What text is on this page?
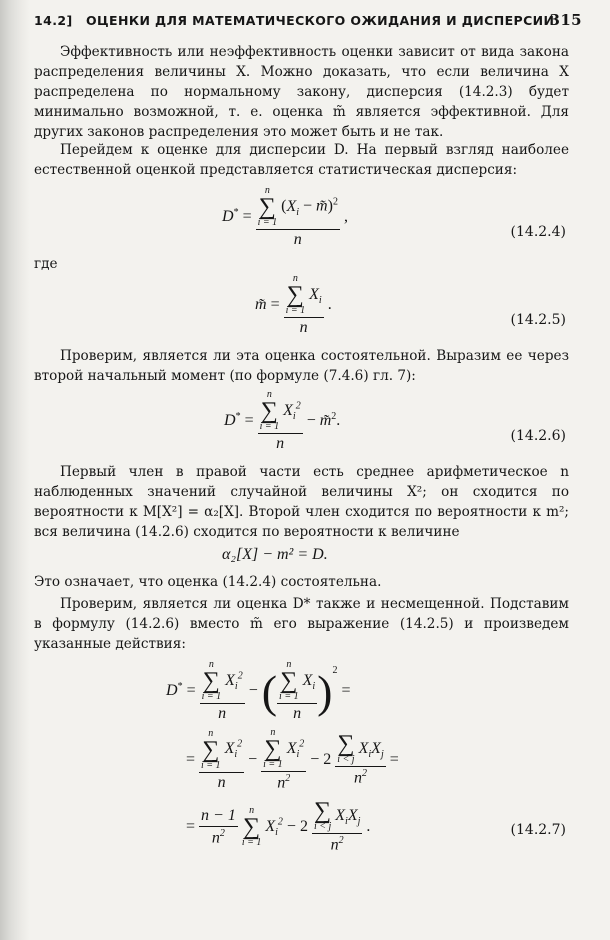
14.2] ОЦЕНКИ ДЛЯ МАТЕМАТИЧЕСКОГО ОЖИДАНИЯ И ДИСПЕРСИИ
315

Эффективность или неэффективность оценки зависит от вида закона распределения величины X. Можно доказать, что если величина X распределена по нормальному закону, дисперсия (14.2.3) будет минимально возможной, т. е. оценка m̃ является эффективной. Для других законов распределения это может быть и не так.

Перейдем к оценке для дисперсии D. На первый взгляд наиболее естественной оценкой представляется статистическая дисперсия:

D* = n
∑
i = 1
($X_i$ − m̃)$^2$
n ,
(14.2.4)
где
m̃ = n
∑
i = 1
$X_i$
n .
(14.2.5)

Проверим, является ли эта оценка состоятельной. Выразим ее через второй начальный момент (по формуле (7.4.6) гл. 7):

D* = n
∑
i = 1
$X_i^2$
n − m̃$^2$.
(14.2.6)

Первый член в правой части есть среднее арифметическое n наблюденных значений случайной величины X²; он сходится по вероятности к M[X²] = α₂[X]. Второй член сходится по вероятности к m²; вся величина (14.2.6) сходится по вероятности к величине

α₂[X] − m² = D.

Это означает, что оценка (14.2.4) состоятельна.

Проверим, является ли оценка D* также и несмещенной. Подставим в формулу (14.2.6) вместо m̃ его выражение (14.2.5) и произведем указанные действия:

D* = n
∑
i = 1
$X_i^2$
n − ( n
∑
i = 1
$X_i$
n )$^2$ =
= n
∑
i = 1
$X_i^2$
n − n
∑
i = 1
$X_i^2$
$n^2 - 2$ ∑
i < j
$X_iX_j$
$n^2$ =
= $\frac{n - 1}{n^2}$
	n
∑
i = 1
$X_i^2 - 2$ ∑
i < j
$X_iX_j$
$n^2$ .	(14.2.7)
